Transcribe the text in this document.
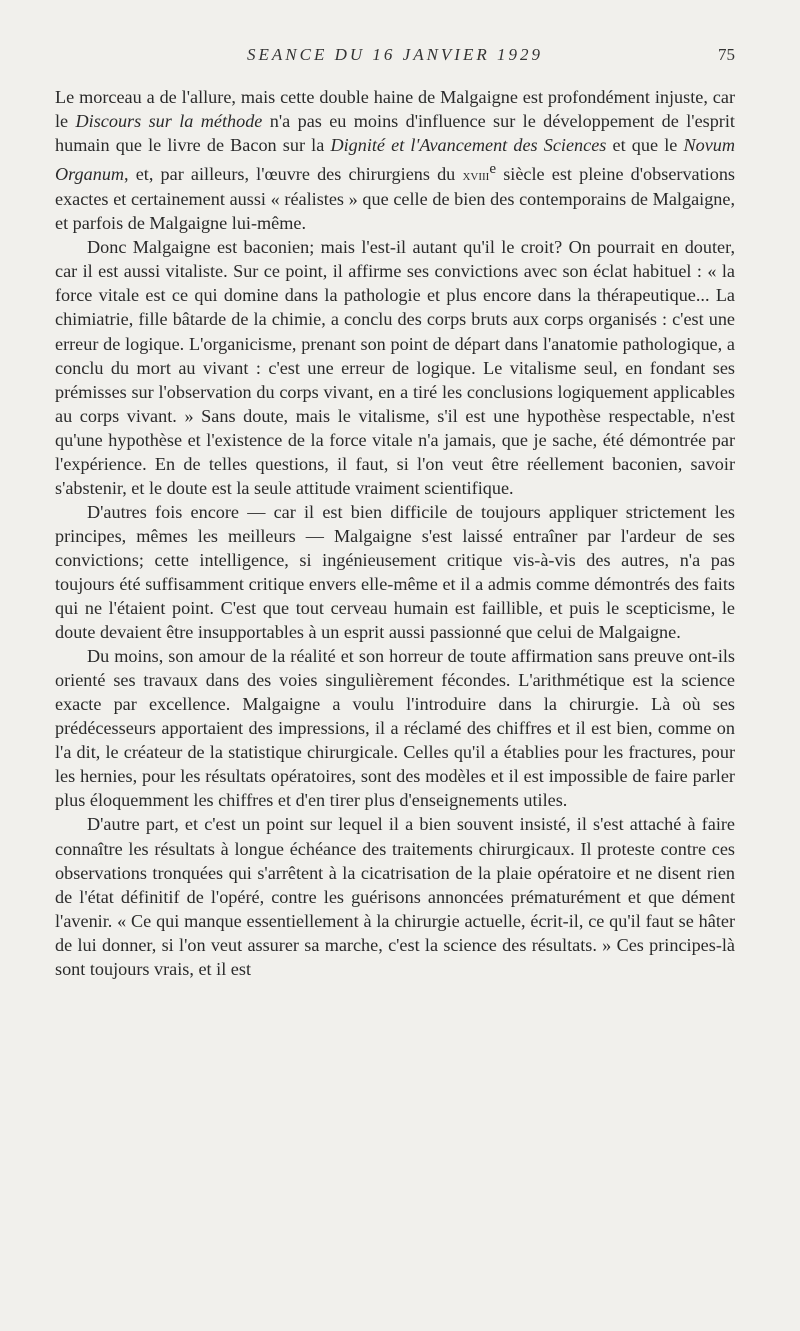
SEANCE DU 16 JANVIER 1929	75

Le morceau a de l'allure, mais cette double haine de Malgaigne est profondément injuste, car le Discours sur la méthode n'a pas eu moins d'influence sur le développement de l'esprit humain que le livre de Bacon sur la Dignité et l'Avancement des Sciences et que le Novum Organum, et, par ailleurs, l'œuvre des chirurgiens du xviii$^e$ siècle est pleine d'observations exactes et certainement aussi « réalistes » que celle de bien des contemporains de Malgaigne, et parfois de Malgaigne lui-même.

Donc Malgaigne est baconien; mais l'est-il autant qu'il le croit? On pourrait en douter, car il est aussi vitaliste. Sur ce point, il affirme ses convictions avec son éclat habituel : « la force vitale est ce qui domine dans la pathologie et plus encore dans la thérapeutique... La chimiatrie, fille bâtarde de la chimie, a conclu des corps bruts aux corps organisés : c'est une erreur de logique. L'organicisme, prenant son point de départ dans l'anatomie pathologique, a conclu du mort au vivant : c'est une erreur de logique. Le vitalisme seul, en fondant ses prémisses sur l'observation du corps vivant, en a tiré les conclusions logiquement applicables au corps vivant. » Sans doute, mais le vitalisme, s'il est une hypothèse respectable, n'est qu'une hypothèse et l'existence de la force vitale n'a jamais, que je sache, été démontrée par l'expérience. En de telles questions, il faut, si l'on veut être réellement baconien, savoir s'abstenir, et le doute est la seule attitude vraiment scientifique.

D'autres fois encore — car il est bien difficile de toujours appliquer strictement les principes, mêmes les meilleurs — Malgaigne s'est laissé entraîner par l'ardeur de ses convictions; cette intelligence, si ingénieusement critique vis-à-vis des autres, n'a pas toujours été suffisamment critique envers elle-même et il a admis comme démontrés des faits qui ne l'étaient point. C'est que tout cerveau humain est faillible, et puis le scepticisme, le doute devaient être insupportables à un esprit aussi passionné que celui de Malgaigne.

Du moins, son amour de la réalité et son horreur de toute affirmation sans preuve ont-ils orienté ses travaux dans des voies singulièrement fécondes. L'arithmétique est la science exacte par excellence. Malgaigne a voulu l'introduire dans la chirurgie. Là où ses prédécesseurs apportaient des impressions, il a réclamé des chiffres et il est bien, comme on l'a dit, le créateur de la statistique chirurgicale. Celles qu'il a établies pour les fractures, pour les hernies, pour les résultats opératoires, sont des modèles et il est impossible de faire parler plus éloquemment les chiffres et d'en tirer plus d'enseignements utiles.

D'autre part, et c'est un point sur lequel il a bien souvent insisté, il s'est attaché à faire connaître les résultats à longue échéance des traitements chirurgicaux. Il proteste contre ces observations tronquées qui s'arrêtent à la cicatrisation de la plaie opératoire et ne disent rien de l'état définitif de l'opéré, contre les guérisons annoncées prématurément et que dément l'avenir. « Ce qui manque essentiellement à la chirurgie actuelle, écrit-il, ce qu'il faut se hâter de lui donner, si l'on veut assurer sa marche, c'est la science des résultats. » Ces principes-là sont toujours vrais, et il est
